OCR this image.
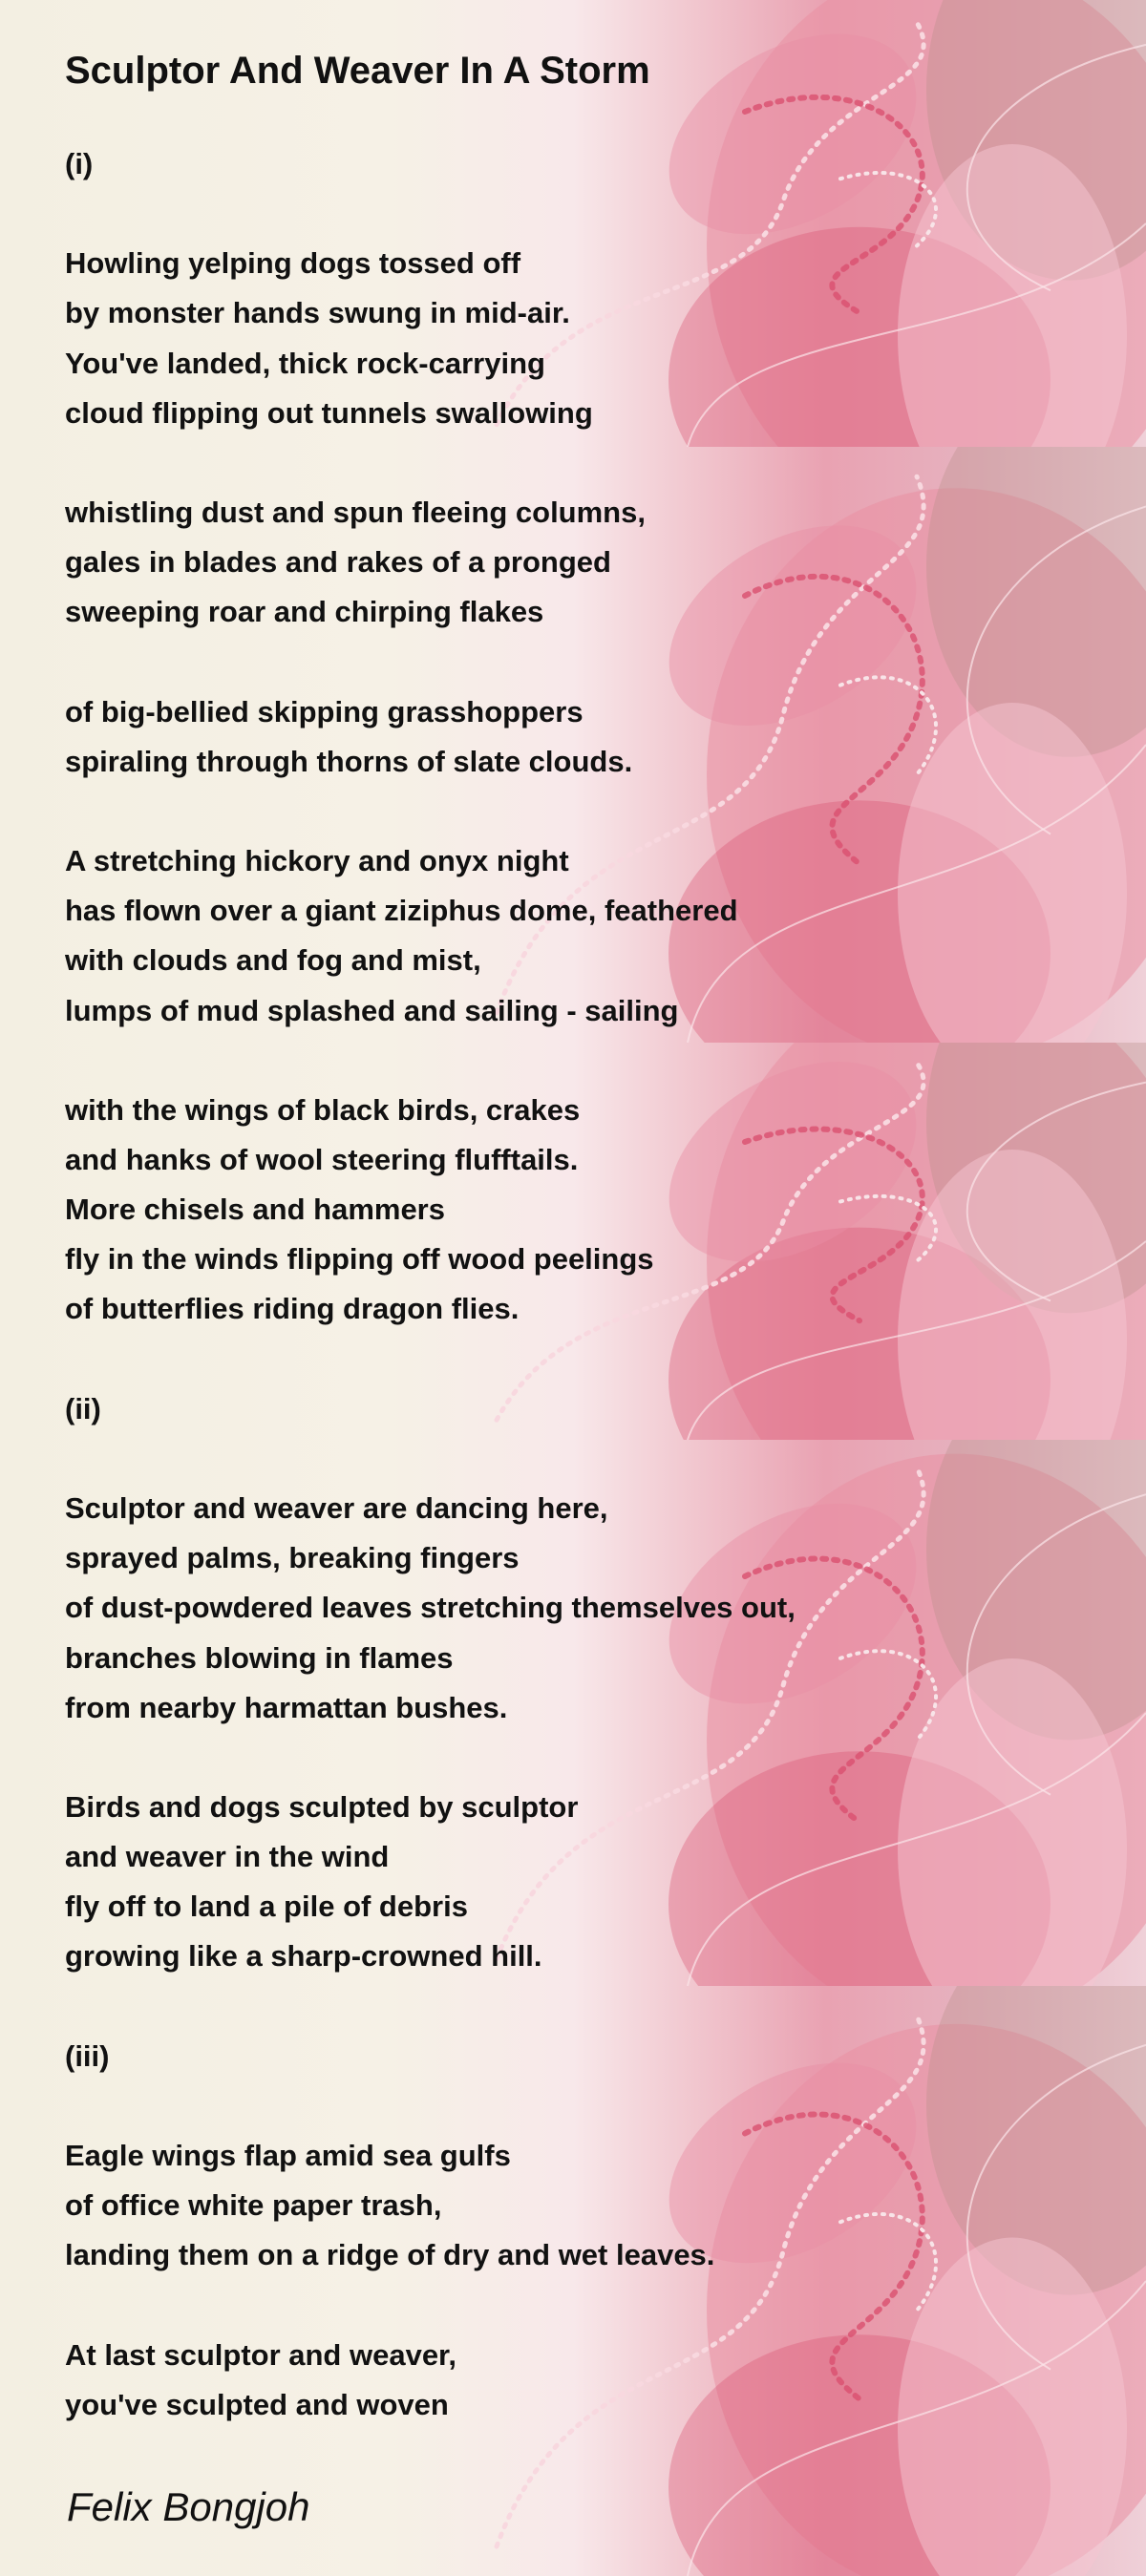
Sculptor And Weaver In A Storm
(i)
Howling yelping dogs tossed off
by monster hands swung in mid-air.
You've landed, thick rock-carrying
cloud flipping out tunnels swallowing
whistling dust and spun fleeing columns,
gales in blades and rakes of a pronged
sweeping roar and chirping flakes
of big-bellied skipping grasshoppers
spiraling through thorns of slate clouds.
A stretching hickory and onyx night
has flown over a giant ziziphus dome, feathered
with clouds and fog and mist,
lumps of mud splashed and sailing - sailing
with the wings of black birds, crakes
and hanks of wool steering flufftails.
More chisels and hammers
fly in the winds flipping off wood peelings
of butterflies riding dragon flies.
(ii)
Sculptor and weaver are dancing here,
sprayed palms, breaking fingers
of dust-powdered leaves stretching themselves out,
branches blowing in flames
from nearby harmattan bushes.
Birds and dogs sculpted by sculptor
and weaver in the wind
fly off to land a pile of debris
growing like a sharp-crowned hill.
(iii)
Eagle wings flap amid sea gulfs
of office white paper trash,
landing them on a ridge of dry and wet leaves.
At last sculptor and weaver,
you've sculpted and woven
Felix Bongjoh
